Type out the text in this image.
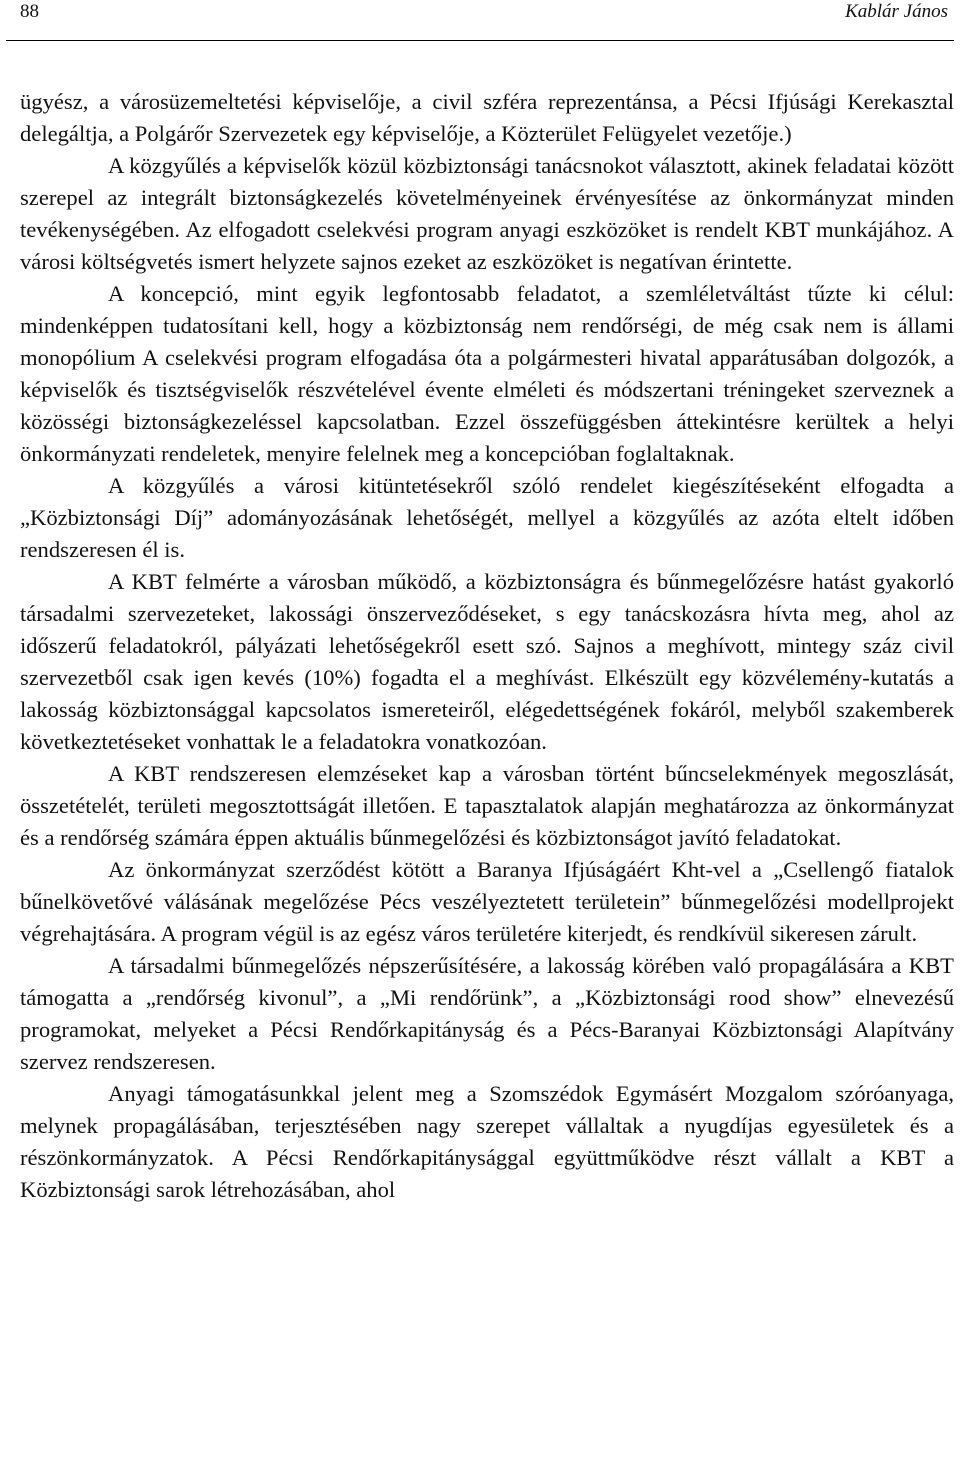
88	Kablár János

ügyész, a városüzemeltetési képviselője, a civil szféra reprezentánsa, a Pécsi Ifjúsági Kerekasztal delegáltja, a Polgárőr Szervezetek egy képviselője, a Közterület Felügyelet vezetője.)

A közgyűlés a képviselők közül közbiztonsági tanácsnokot választott, akinek feladatai között szerepel az integrált biztonságkezelés követelményeinek érvényesítése az önkormányzat minden tevékenységében. Az elfogadott cselekvési program anyagi eszközöket is rendelt KBT munkájához. A városi költségvetés ismert helyzete sajnos ezeket az eszközöket is negatívan érintette.

A koncepció, mint egyik legfontosabb feladatot, a szemléletváltást tűzte ki célul: mindenképpen tudatosítani kell, hogy a közbiztonság nem rendőrségi, de még csak nem is állami monopólium A cselekvési program elfogadása óta a polgármesteri hivatal apparátusában dolgozók, a képviselők és tisztségviselők részvételével évente elméleti és módszertani tréningeket szerveznek a közösségi biztonságkezeléssel kapcsolatban. Ezzel összefüggésben áttekintésre kerültek a helyi önkormányzati rendeletek, menyire felelnek meg a koncepcióban foglaltaknak.

A közgyűlés a városi kitüntetésekről szóló rendelet kiegészítéseként elfogadta a „Közbiztonsági Díj” adományozásának lehetőségét, mellyel a közgyűlés az azóta eltelt időben rendszeresen él is.

A KBT felmérte a városban működő, a közbiztonságra és bűnmegelőzésre hatást gyakorló társadalmi szervezeteket, lakossági önszerveződéseket, s egy tanácskozásra hívta meg, ahol az időszerű feladatokról, pályázati lehetőségekről esett szó. Sajnos a meghívott, mintegy száz civil szervezetből csak igen kevés (10%) fogadta el a meghívást. Elkészült egy közvélemény-kutatás a lakosság közbiztonsággal kapcsolatos ismereteiről, elégedettségének fokáról, melyből szakemberek következtetéseket vonhattak le a feladatokra vonatkozóan.

A KBT rendszeresen elemzéseket kap a városban történt bűncselekmények megoszlását, összetételét, területi megosztottságát illetően. E tapasztalatok alapján meghatározza az önkormányzat és a rendőrség számára éppen aktuális bűnmegelőzési és közbiztonságot javító feladatokat.

Az önkormányzat szerződést kötött a Baranya Ifjúságáért Kht-vel a „Csellengő fiatalok bűnelkövetővé válásának megelőzése Pécs veszélyeztetett területein” bűnmegelőzési modellprojekt végrehajtására. A program végül is az egész város területére kiterjedt, és rendkívül sikeresen zárult.

A társadalmi bűnmegelőzés népszerűsítésére, a lakosság körében való propagálására a KBT támogatta a „rendőrség kivonul”, a „Mi rendőrünk”, a „Közbiztonsági rood show” elnevezésű programokat, melyeket a Pécsi Rendőrkapitányság és a Pécs-Baranyai Közbiztonsági Alapítvány szervez rendszeresen.

Anyagi támogatásunkkal jelent meg a Szomszédok Egymásért Mozgalom szóróanyaga, melynek propagálásában, terjesztésében nagy szerepet vállaltak a nyugdíjas egyesületek és a részönkormányzatok. A Pécsi Rendőrkapitánysággal együttműködve részt vállalt a KBT a Közbiztonsági sarok létrehozásában, ahol
